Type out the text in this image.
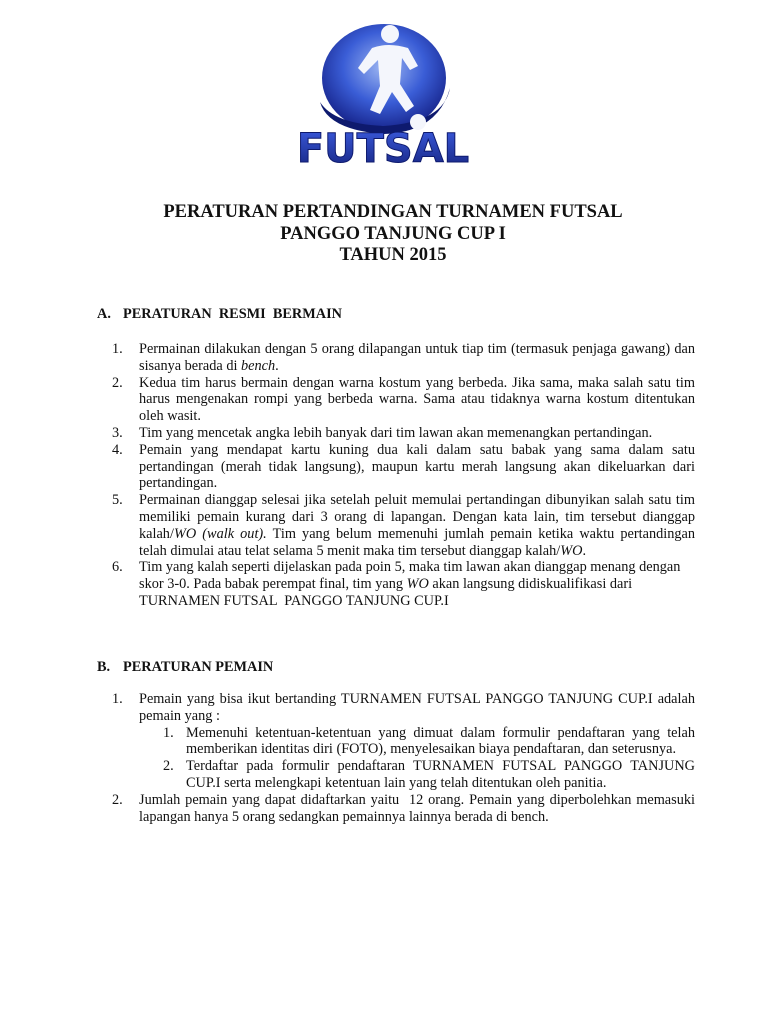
FUTSAL
PERATURAN PERTANDINGAN TURNAMEN FUTSAL
PANGGO TANJUNG CUP I
TAHUN 2015
A. PERATURAN  RESMI  BERMAIN
1.	Permainan dilakukan dengan 5 orang dilapangan untuk tiap tim (termasuk penjaga gawang) dan sisanya berada di bench.
2.	Kedua tim harus bermain dengan warna kostum yang berbeda. Jika sama, maka salah satu tim harus mengenakan rompi yang berbeda warna. Sama atau tidaknya warna kostum ditentukan oleh wasit.
3.	Tim yang mencetak angka lebih banyak dari tim lawan akan memenangkan pertandingan.
4.	Pemain yang mendapat kartu kuning dua kali dalam satu babak yang sama dalam satu pertandingan (merah tidak langsung), maupun kartu merah langsung akan dikeluarkan dari pertandingan.
5.	Permainan dianggap selesai jika setelah peluit memulai pertandingan dibunyikan salah satu tim memiliki pemain kurang dari 3 orang di lapangan. Dengan kata lain, tim tersebut dianggap kalah/WO (walk out). Tim yang belum memenuhi jumlah pemain ketika waktu pertandingan telah dimulai atau telat selama 5 menit maka tim tersebut dianggap kalah/WO.
6.	Tim yang kalah seperti dijelaskan pada poin 5, maka tim lawan akan dianggap menang dengan skor 3-0. Pada babak perempat final, tim yang WO akan langsung didiskualifikasi dari TURNAMEN FUTSAL  PANGGO TANJUNG CUP.I
B. PERATURAN PEMAIN
1.	Pemain yang bisa ikut bertanding TURNAMEN FUTSAL PANGGO TANJUNG CUP.I adalah pemain yang :
1. Memenuhi ketentuan-ketentuan yang dimuat dalam formulir pendaftaran yang telah memberikan identitas diri (FOTO), menyelesaikan biaya pendaftaran, dan seterusnya.
2. Terdaftar pada formulir pendaftaran TURNAMEN FUTSAL PANGGO TANJUNG CUP.I serta melengkapi ketentuan lain yang telah ditentukan oleh panitia.
2.	Jumlah pemain yang dapat didaftarkan yaitu  12 orang. Pemain yang diperbolehkan memasuki lapangan hanya 5 orang sedangkan pemainnya lainnya berada di bench.
